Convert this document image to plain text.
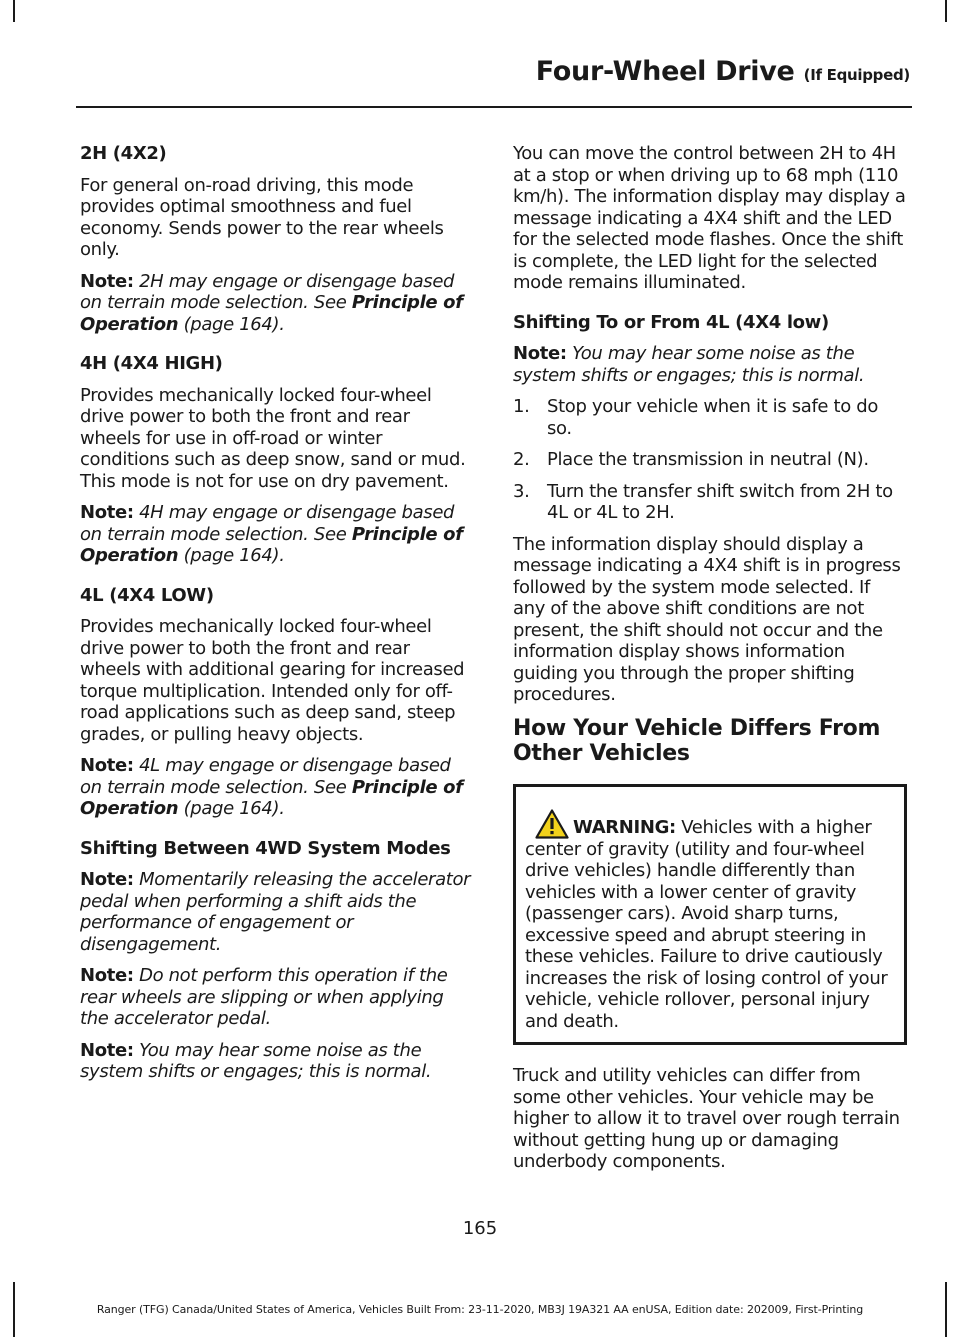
Four-Wheel Drive (If Equipped)

2H (4X2)

For general on-road driving, this mode provides optimal smoothness and fuel economy. Sends power to the rear wheels only.

Note: 2H may engage or disengage based on terrain mode selection. See Principle of Operation (page 164).

4H (4X4 HIGH)

Provides mechanically locked four-wheel drive power to both the front and rear wheels for use in off-road or winter conditions such as deep snow, sand or mud. This mode is not for use on dry pavement.

Note: 4H may engage or disengage based on terrain mode selection. See Principle of Operation (page 164).

4L (4X4 LOW)

Provides mechanically locked four-wheel drive power to both the front and rear wheels with additional gearing for increased torque multiplication. Intended only for off-road applications such as deep sand, steep grades, or pulling heavy objects.

Note: 4L may engage or disengage based on terrain mode selection. See Principle of Operation (page 164).

Shifting Between 4WD System Modes

Note: Momentarily releasing the accelerator pedal when performing a shift aids the performance of engagement or disengagement.

Note: Do not perform this operation if the rear wheels are slipping or when applying the accelerator pedal.

Note: You may hear some noise as the system shifts or engages; this is normal.

You can move the control between 2H to 4H at a stop or when driving up to 68 mph (110 km/h). The information display may display a message indicating a 4X4 shift and the LED for the selected mode flashes. Once the shift is complete, the LED light for the selected mode remains illuminated.

Shifting To or From 4L (4X4 low)

Note: You may hear some noise as the system shifts or engages; this is normal.

1. Stop your vehicle when it is safe to do so.
2. Place the transmission in neutral (N).
3. Turn the transfer shift switch from 2H to 4L or 4L to 2H.

The information display should display a message indicating a 4X4 shift is in progress followed by the system mode selected. If any of the above shift conditions are not present, the shift should not occur and the information display shows information guiding you through the proper shifting procedures.

How Your Vehicle Differs From Other Vehicles
WARNING: Vehicles with a higher center of gravity (utility and four-wheel drive vehicles) handle differently than vehicles with a lower center of gravity (passenger cars). Avoid sharp turns, excessive speed and abrupt steering in these vehicles. Failure to drive cautiously increases the risk of losing control of your vehicle, vehicle rollover, personal injury and death.

Truck and utility vehicles can differ from some other vehicles. Your vehicle may be higher to allow it to travel over rough terrain without getting hung up or damaging underbody components.

165
Ranger (TFG) Canada/United States of America, Vehicles Built From: 23-11-2020, MB3J 19A321 AA enUSA, Edition date: 202009, First-Printing
